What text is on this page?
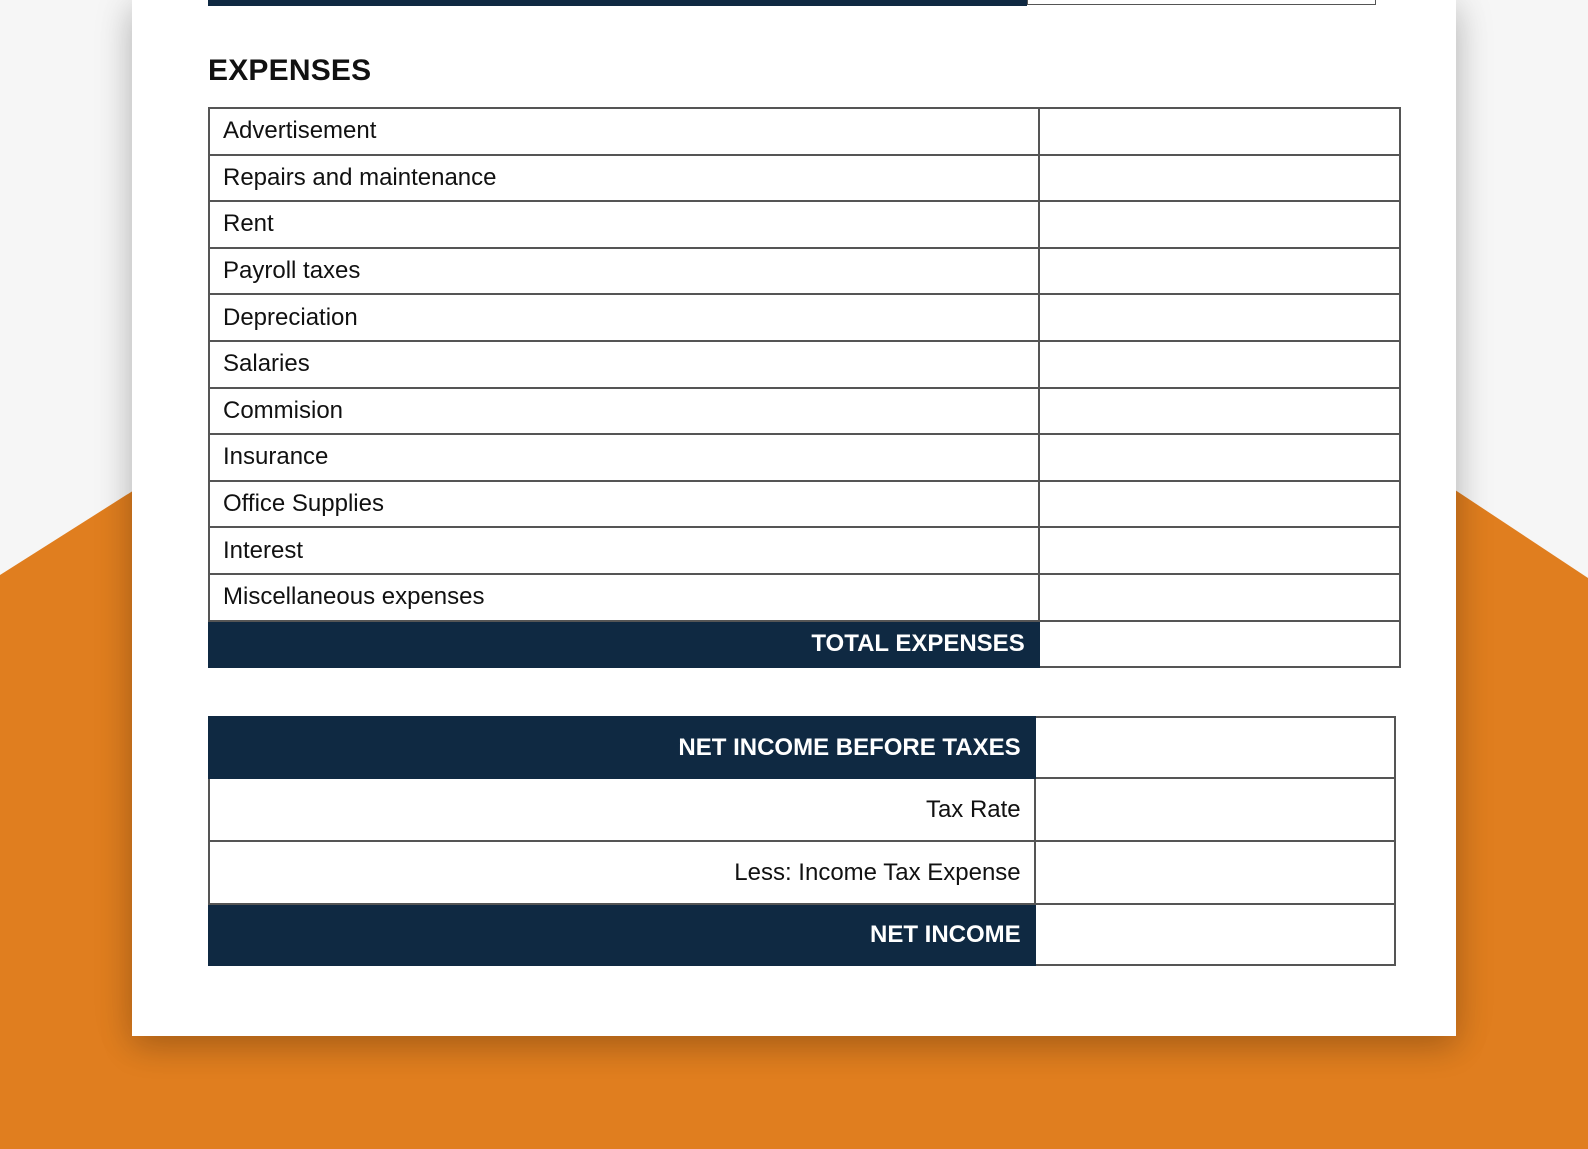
EXPENSES
Advertisement	
Repairs and maintenance	
Rent	
Payroll taxes	
Depreciation	
Salaries	
Commision	
Insurance	
Office Supplies	
Interest	
Miscellaneous expenses	
TOTAL EXPENSES	
NET INCOME BEFORE TAXES	
Tax Rate	
Less: Income Tax Expense	
NET INCOME	
